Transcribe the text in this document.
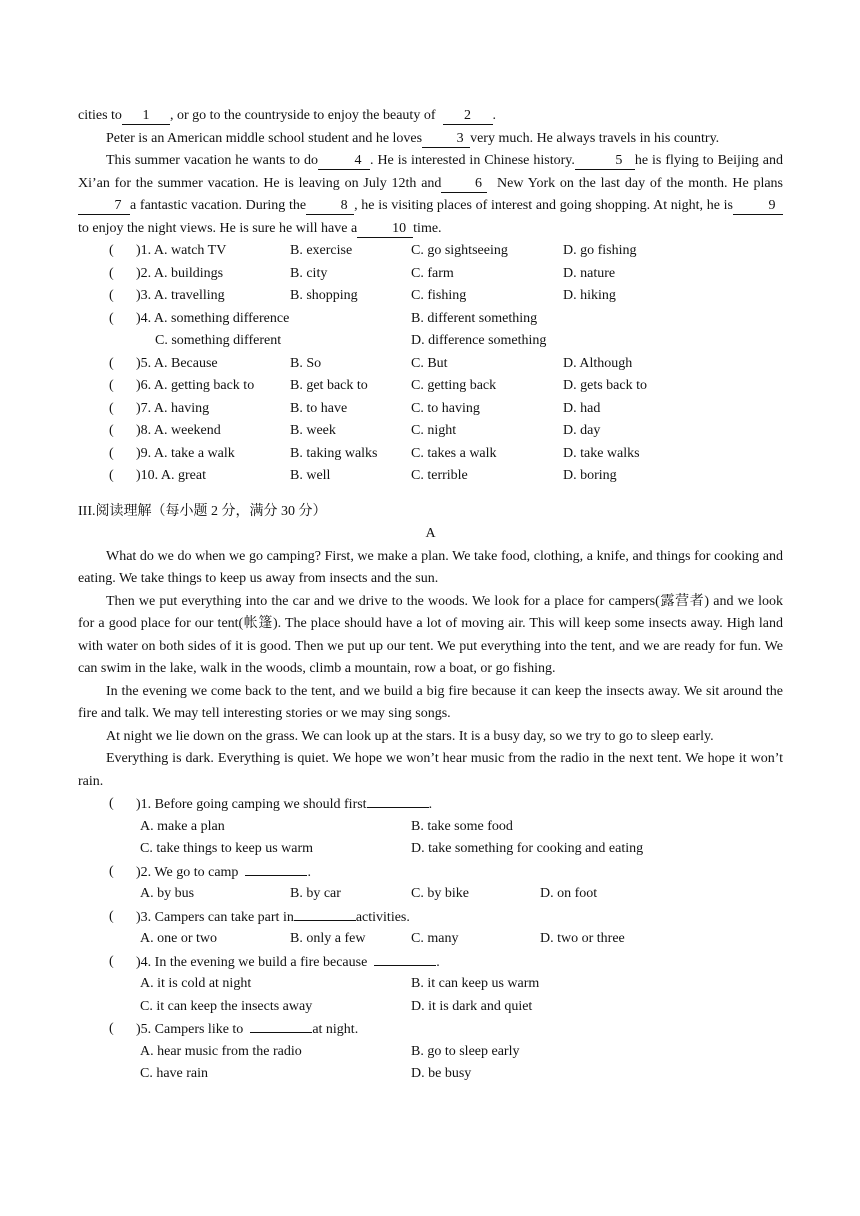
cities to 1 , or go to the countryside to enjoy the beauty of 2 .
Peter is an American middle school student and he loves 3 very much. He always travels in his country.
This summer vacation he wants to do	4 . He is interested in Chinese history.	5 he is flying to Beijing and Xi’an for the summer vacation. He is leaving on July 12th and 6 New York on the last day of the month. He plans7 a fantastic vacation. During the 8 , he is visiting places of interest and going shopping. At night, he is	9to enjoy the night views. He is sure he will have a	10 time.
( )1. A. watch TV	B. exercise	C. go sightseeing	D. go fishing
( )2. A. buildings	B. city	C. farm	D. nature
( )3. A. travelling	B. shopping	C. fishing	D. hiking
( )4. A. something difference	B. different something
C. something different	D. difference something
( )5. A. Because	B. So	C. But	D. Although
( )6. A. getting back to	B. get back to	C. getting back	D. gets back to
( )7. A. having	B. to have	C. to having	D. had
( )8. A. weekend	B. week	C. night	D. day
( )9. A. take a walk	B. taking walks C. takes a walk	D. take walks
( )10. A. great	B. well	C. terrible	D. boring
III.阅读理解（每小题 2 分，满分 30 分）
A
What do we do when we go camping? First, we make a plan. We take food, clothing, a knife, and things for cooking and eating. We take things to keep us away from insects and the sun.
Then we put everything into the car and we drive to the woods. We look for a place for campers(露营者) and we look for a good place for our tent(帐篷). The place should have a lot of moving air. This will keep some insects away. High land with water on both sides of it is good. Then we put up our tent. We put everything into the tent, and we are ready for fun. We can swim in the lake, walk in the woods, climb a mountain, row a boat, or go fishing.
In the evening we come back to the tent, and we build a big fire because it can keep the insects away. We sit around the fire and talk. We may tell interesting stories or we may sing songs.
At night we lie down on the grass. We can look up at the stars. It is a busy day, so we try to go to sleep early.
Everything is dark. Everything is quiet. We hope we won’t hear music from the radio in the next tent. We hope it won’t rain.
( )1. Before going camping we should first	.
A. make a plan	B. take some food
C. take things to keep us warm	D. take something for cooking and eating
( )2. We go to camp	.
A. by bus	B. by car	C. by bike	D. on foot
( )3. Campers can take part in	activities.
A. one or two	B. only a few	C. many	D. two or three
( )4. In the evening we build a fire because	.
A. it is cold at night	B. it can keep us warm
C. it can keep the insects away	D. it is dark and quiet
( )5. Campers like to	at night.
A. hear music from the radio	B. go to sleep early
C. have rain	D. be busy
